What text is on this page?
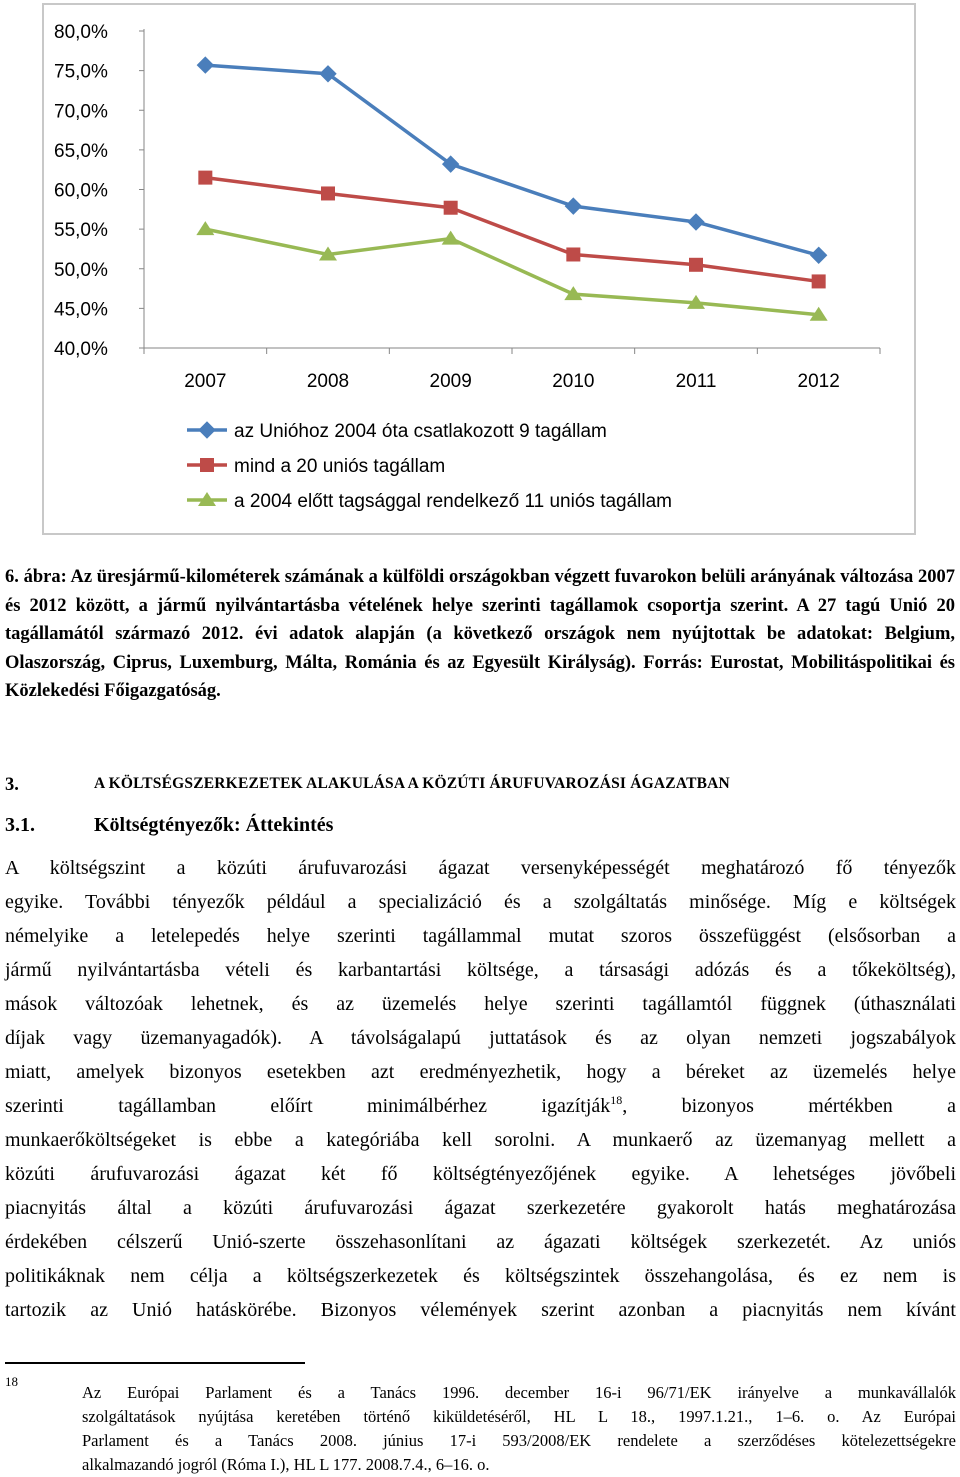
80,0%
75,0%
70,0%
65,0%
60,0%
55,0%
50,0%
45,0%
40,0%
2007	2008	2009	2010	2011	2012
az Unióhoz 2004 óta csatlakozott 9 tagállam
mind a 20 uniós tagállam
a 2004 előtt tagsággal rendelkező 11 uniós tagállam
6. ábra: Az üresjármű-kilométerek számának a külföldi országokban végzett fuvarokon belüli arányának változása 2007 és 2012 között, a jármű nyilvántartásba vételének helye szerinti tagállamok csoportja szerint. A 27 tagú Unió 20 tagállamától származó 2012. évi adatok alapján (a következő országok nem nyújtottak be adatokat: Belgium, Olaszország, Ciprus, Luxemburg, Málta, Románia és az Egyesült Királyság). Forrás: Eurostat, Mobilitáspolitikai és Közlekedési Főigazgatóság.
3.	A KÖLTSÉGSZERKEZETEK ALAKULÁSA A KÖZÚTI ÁRUFUVAROZÁSI ÁGAZATBAN
3.1.	Költségtényezők: Áttekintés
A költségszint a közúti árufuvarozási ágazat versenyképességét meghatározó fő tényezők
egyike. További tényezők például a specializáció és a szolgáltatás minősége. Míg e költségek
némelyike a letelepedés helye szerinti tagállammal mutat szoros összefüggést (elsősorban a
jármű nyilvántartásba vételi és karbantartási költsége, a társasági adózás és a tőkeköltség),
mások változóak lehetnek, és az üzemelés helye szerinti tagállamtól függnek (úthasználati
díjak vagy üzemanyagadók). A távolságalapú juttatások és az olyan nemzeti jogszabályok
miatt, amelyek bizonyos esetekben azt eredményezhetik, hogy a béreket az üzemelés helye
szerinti tagállamban előírt minimálbérhez igazítják$^{18}$, bizonyos mértékben a
munkaerőköltségeket is ebbe a kategóriába kell sorolni. A munkaerő az üzemanyag mellett a
közúti árufuvarozási ágazat két fő költségtényezőjének egyike. A lehetséges jövőbeli
piacnyitás által a közúti árufuvarozási ágazat szerkezetére gyakorolt hatás meghatározása
érdekében célszerű Unió-szerte összehasonlítani az ágazati költségek szerkezetét. Az uniós
politikáknak nem célja a költségszerkezetek és költségszintek összehangolása, és ez nem is
tartozik az Unió hatáskörébe. Bizonyos vélemények szerint azonban a piacnyitás nem kívánt
18
Az Európai Parlament és a Tanács 1996. december 16-i 96/71/EK irányelve a munkavállalók
szolgáltatások nyújtása keretében történő kiküldetéséről, HL L 18., 1997.1.21., 1–6. o. Az Európai
Parlament és a Tanács 2008. június 17-i 593/2008/EK rendelete a szerződéses kötelezettségekre
alkalmazandó jogról (Róma I.), HL L 177. 2008.7.4., 6–16. o.
